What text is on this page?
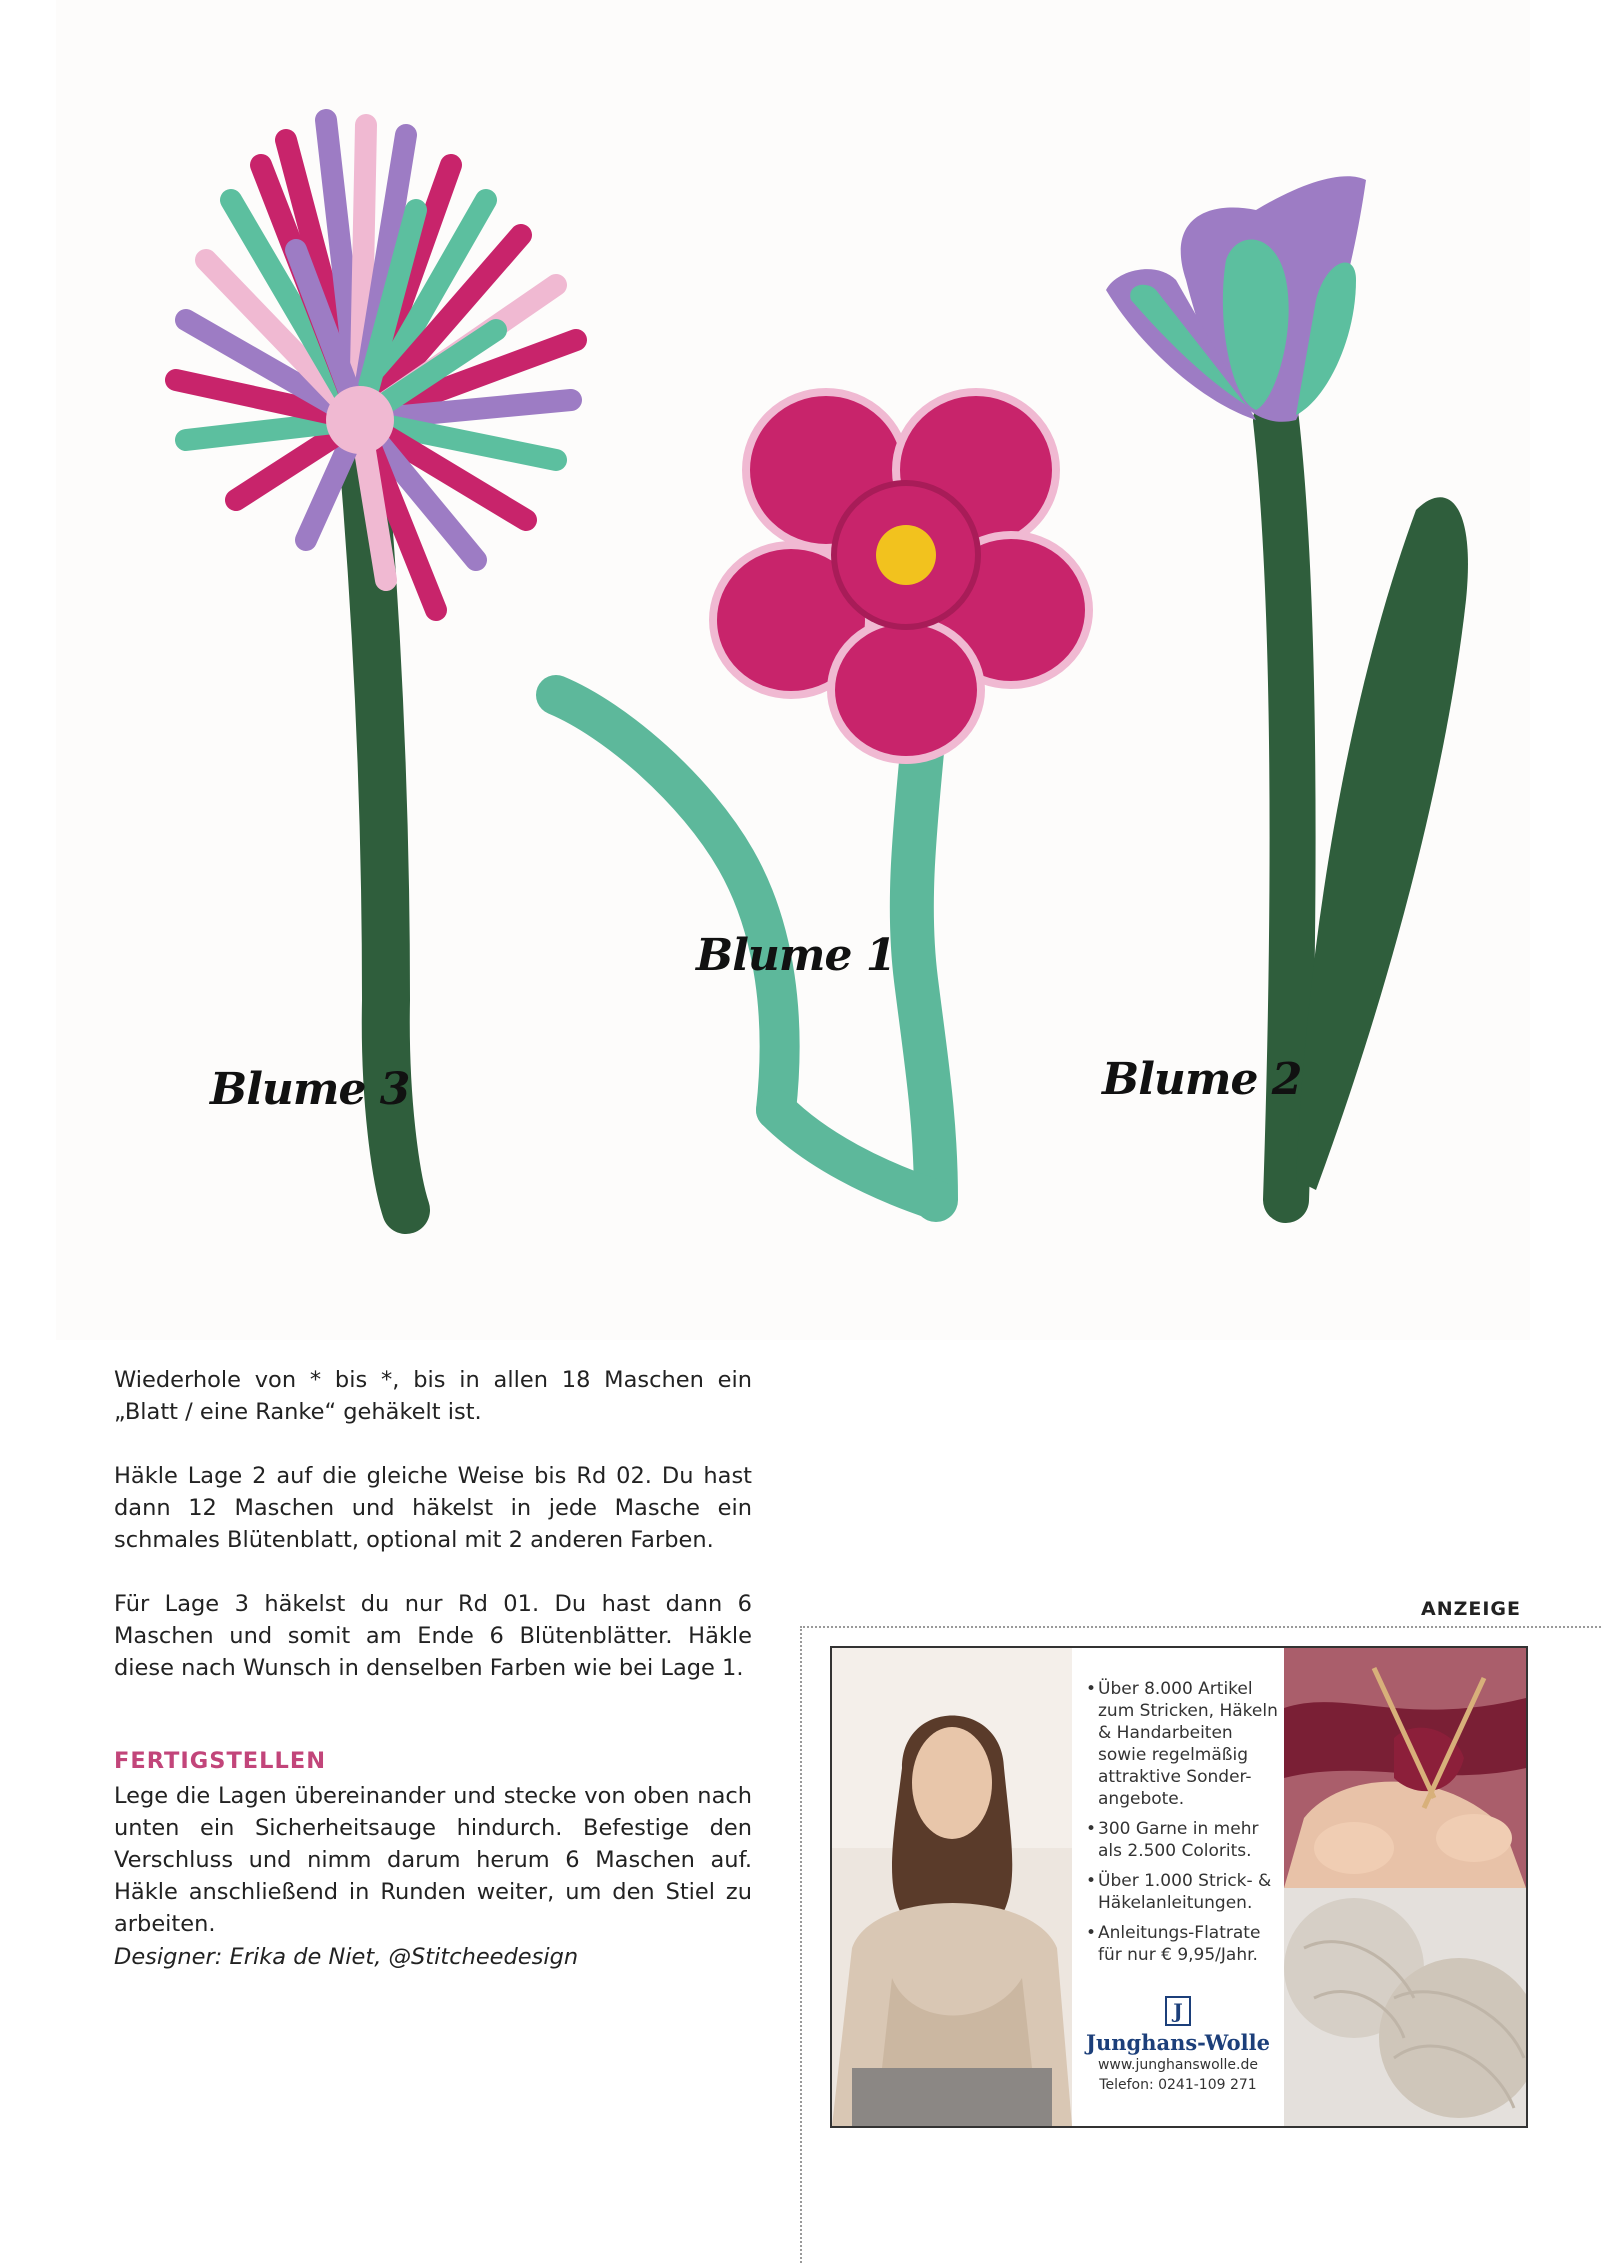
Blume 1
Blume 2
Blume 3

Wiederhole von * bis *, bis in allen 18 Maschen ein „Blatt / eine Ranke“ gehäkelt ist.

Häkle Lage 2 auf die gleiche Weise bis Rd 02. Du hast dann 12 Maschen und häkelst in jede Masche ein schmales Blütenblatt, optional mit 2 anderen Farben.

Für Lage 3 häkelst du nur Rd 01. Du hast dann 6 Maschen und somit am Ende 6 Blütenblätter. Häkle diese nach Wunsch in denselben Farben wie bei Lage 1.

FERTIGSTELLEN

Lege die Lagen übereinander und stecke von oben nach unten ein Sicherheitsauge hindurch. Befestige den Verschluss und nimm darum herum 6 Maschen auf. Häkle anschließend in Runden weiter, um den Stiel zu arbeiten.

Designer: Erika de Niet, @Stitcheedesign
ANZEIGE
• Über 8.000 Artikel zum Stricken, Häkeln & Handarbeiten sowie regelmäßig attraktive Sonder-angebote.
• 300 Garne in mehr als 2.500 Colorits.
• Über 1.000 Strick- & Häkelanleitungen.
• Anleitungs-Flatrate für nur € 9,95/Jahr.
J
Junghans-Wolle
www.junghanswolle.de
Telefon: 0241-109 271
